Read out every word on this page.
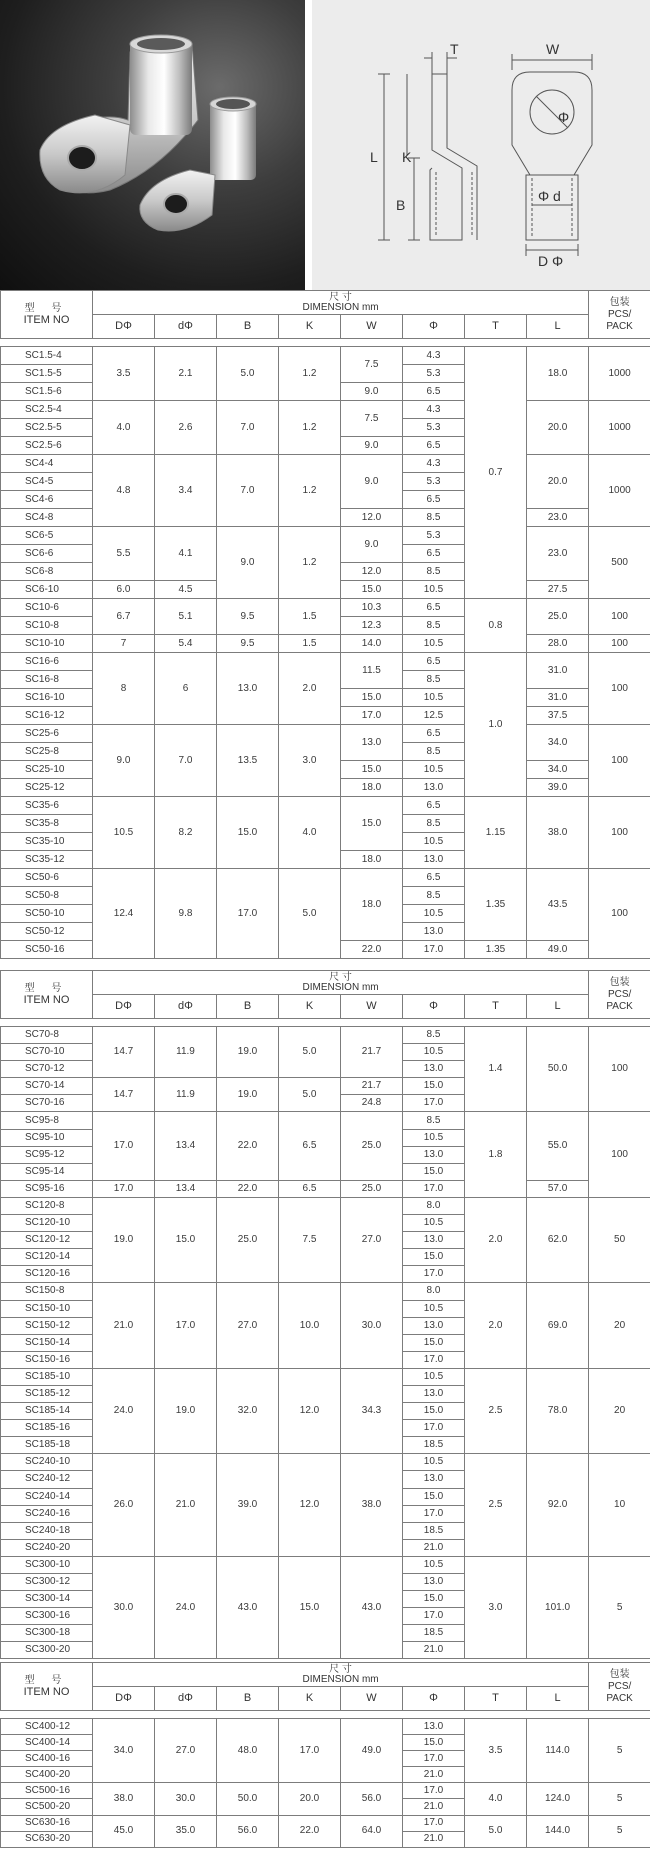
T
L K
B
W
Φ
Φ d
D Φ
型 号
ITEM NO	尺 寸
DIMENSION mm								包装
PCS/
PACK

	DΦ	dΦ	B	K	W	Φ	T	L	

SC1.5-4	3.5	2.1	5.0	1.2	7.5	4.3	0.7	18.0	1000
SC1.5-5						5.3			
SC1.5-6					9.0	6.5			
SC2.5-4	4.0	2.6	7.0	1.2	7.5	4.3		20.0	1000
SC2.5-5						5.3			
SC2.5-6					9.0	6.5			
SC4-4	4.8	3.4	7.0	1.2	9.0	4.3		20.0	1000
SC4-5						5.3			
SC4-6						6.5			
SC4-8					12.0	8.5		23.0	
SC6-5	5.5	4.1	9.0	1.2	9.0	5.3		23.0	500
SC6-6						6.5			
SC6-8					12.0	8.5			
SC6-10	6.0	4.5			15.0	10.5		27.5	
SC10-6	6.7	5.1	9.5	1.5	10.3	6.5	0.8	25.0	100
SC10-8					12.3	8.5			
SC10-10	7	5.4	9.5	1.5	14.0	10.5		28.0	100
SC16-6	8	6	13.0	2.0	11.5	6.5	1.0	31.0	100
SC16-8						8.5			
SC16-10					15.0	10.5		31.0	
SC16-12					17.0	12.5		37.5	
SC25-6	9.0	7.0	13.5	3.0	13.0	6.5		34.0	100
SC25-8						8.5			
SC25-10					15.0	10.5		34.0	
SC25-12					18.0	13.0		39.0	
SC35-6	10.5	8.2	15.0	4.0	15.0	6.5	1.15	38.0	100
SC35-8						8.5			
SC35-10						10.5			
SC35-12					18.0	13.0			
SC50-6	12.4	9.8	17.0	5.0	18.0	6.5	1.35	43.5	100
SC50-8						8.5			
SC50-10						10.5			
SC50-12						13.0			
SC50-16					22.0	17.0	1.35	49.0	
型 号
ITEM NO	尺 寸
DIMENSION mm								包装
PCS/
PACK

	DΦ	dΦ	B	K	W	Φ	T	L	

SC70-8	14.7	11.9	19.0	5.0	21.7	8.5	1.4	50.0	100
SC70-10						10.5			
SC70-12						13.0			
SC70-14	14.7	11.9	19.0	5.0	21.7	15.0			
SC70-16					24.8	17.0			
SC95-8	17.0	13.4	22.0	6.5	25.0	8.5	1.8	55.0	100
SC95-10						10.5			
SC95-12						13.0			
SC95-14						15.0			
SC95-16	17.0	13.4	22.0	6.5	25.0	17.0		57.0	
SC120-8	19.0	15.0	25.0	7.5	27.0	8.0	2.0	62.0	50
SC120-10						10.5			
SC120-12						13.0			
SC120-14						15.0			
SC120-16						17.0			
SC150-8	21.0	17.0	27.0	10.0	30.0	8.0	2.0	69.0	20
SC150-10						10.5			
SC150-12						13.0			
SC150-14						15.0			
SC150-16						17.0			
SC185-10	24.0	19.0	32.0	12.0	34.3	10.5	2.5	78.0	20
SC185-12						13.0			
SC185-14						15.0			
SC185-16						17.0			
SC185-18						18.5			
SC240-10	26.0	21.0	39.0	12.0	38.0	10.5	2.5	92.0	10
SC240-12						13.0			
SC240-14						15.0			
SC240-16						17.0			
SC240-18						18.5			
SC240-20						21.0			
SC300-10	30.0	24.0	43.0	15.0	43.0	10.5	3.0	101.0	5
SC300-12						13.0			
SC300-14						15.0			
SC300-16						17.0			
SC300-18						18.5			
SC300-20						21.0			
型 号
ITEM NO	尺 寸
DIMENSION mm								包装
PCS/
PACK

	DΦ	dΦ	B	K	W	Φ	T	L	

SC400-12	34.0	27.0	48.0	17.0	49.0	13.0	3.5	114.0	5
SC400-14						15.0			
SC400-16						17.0			
SC400-20						21.0			
SC500-16	38.0	30.0	50.0	20.0	56.0	17.0	4.0	124.0	5
SC500-20						21.0			
SC630-16	45.0	35.0	56.0	22.0	64.0	17.0	5.0	144.0	5
SC630-20						21.0			
